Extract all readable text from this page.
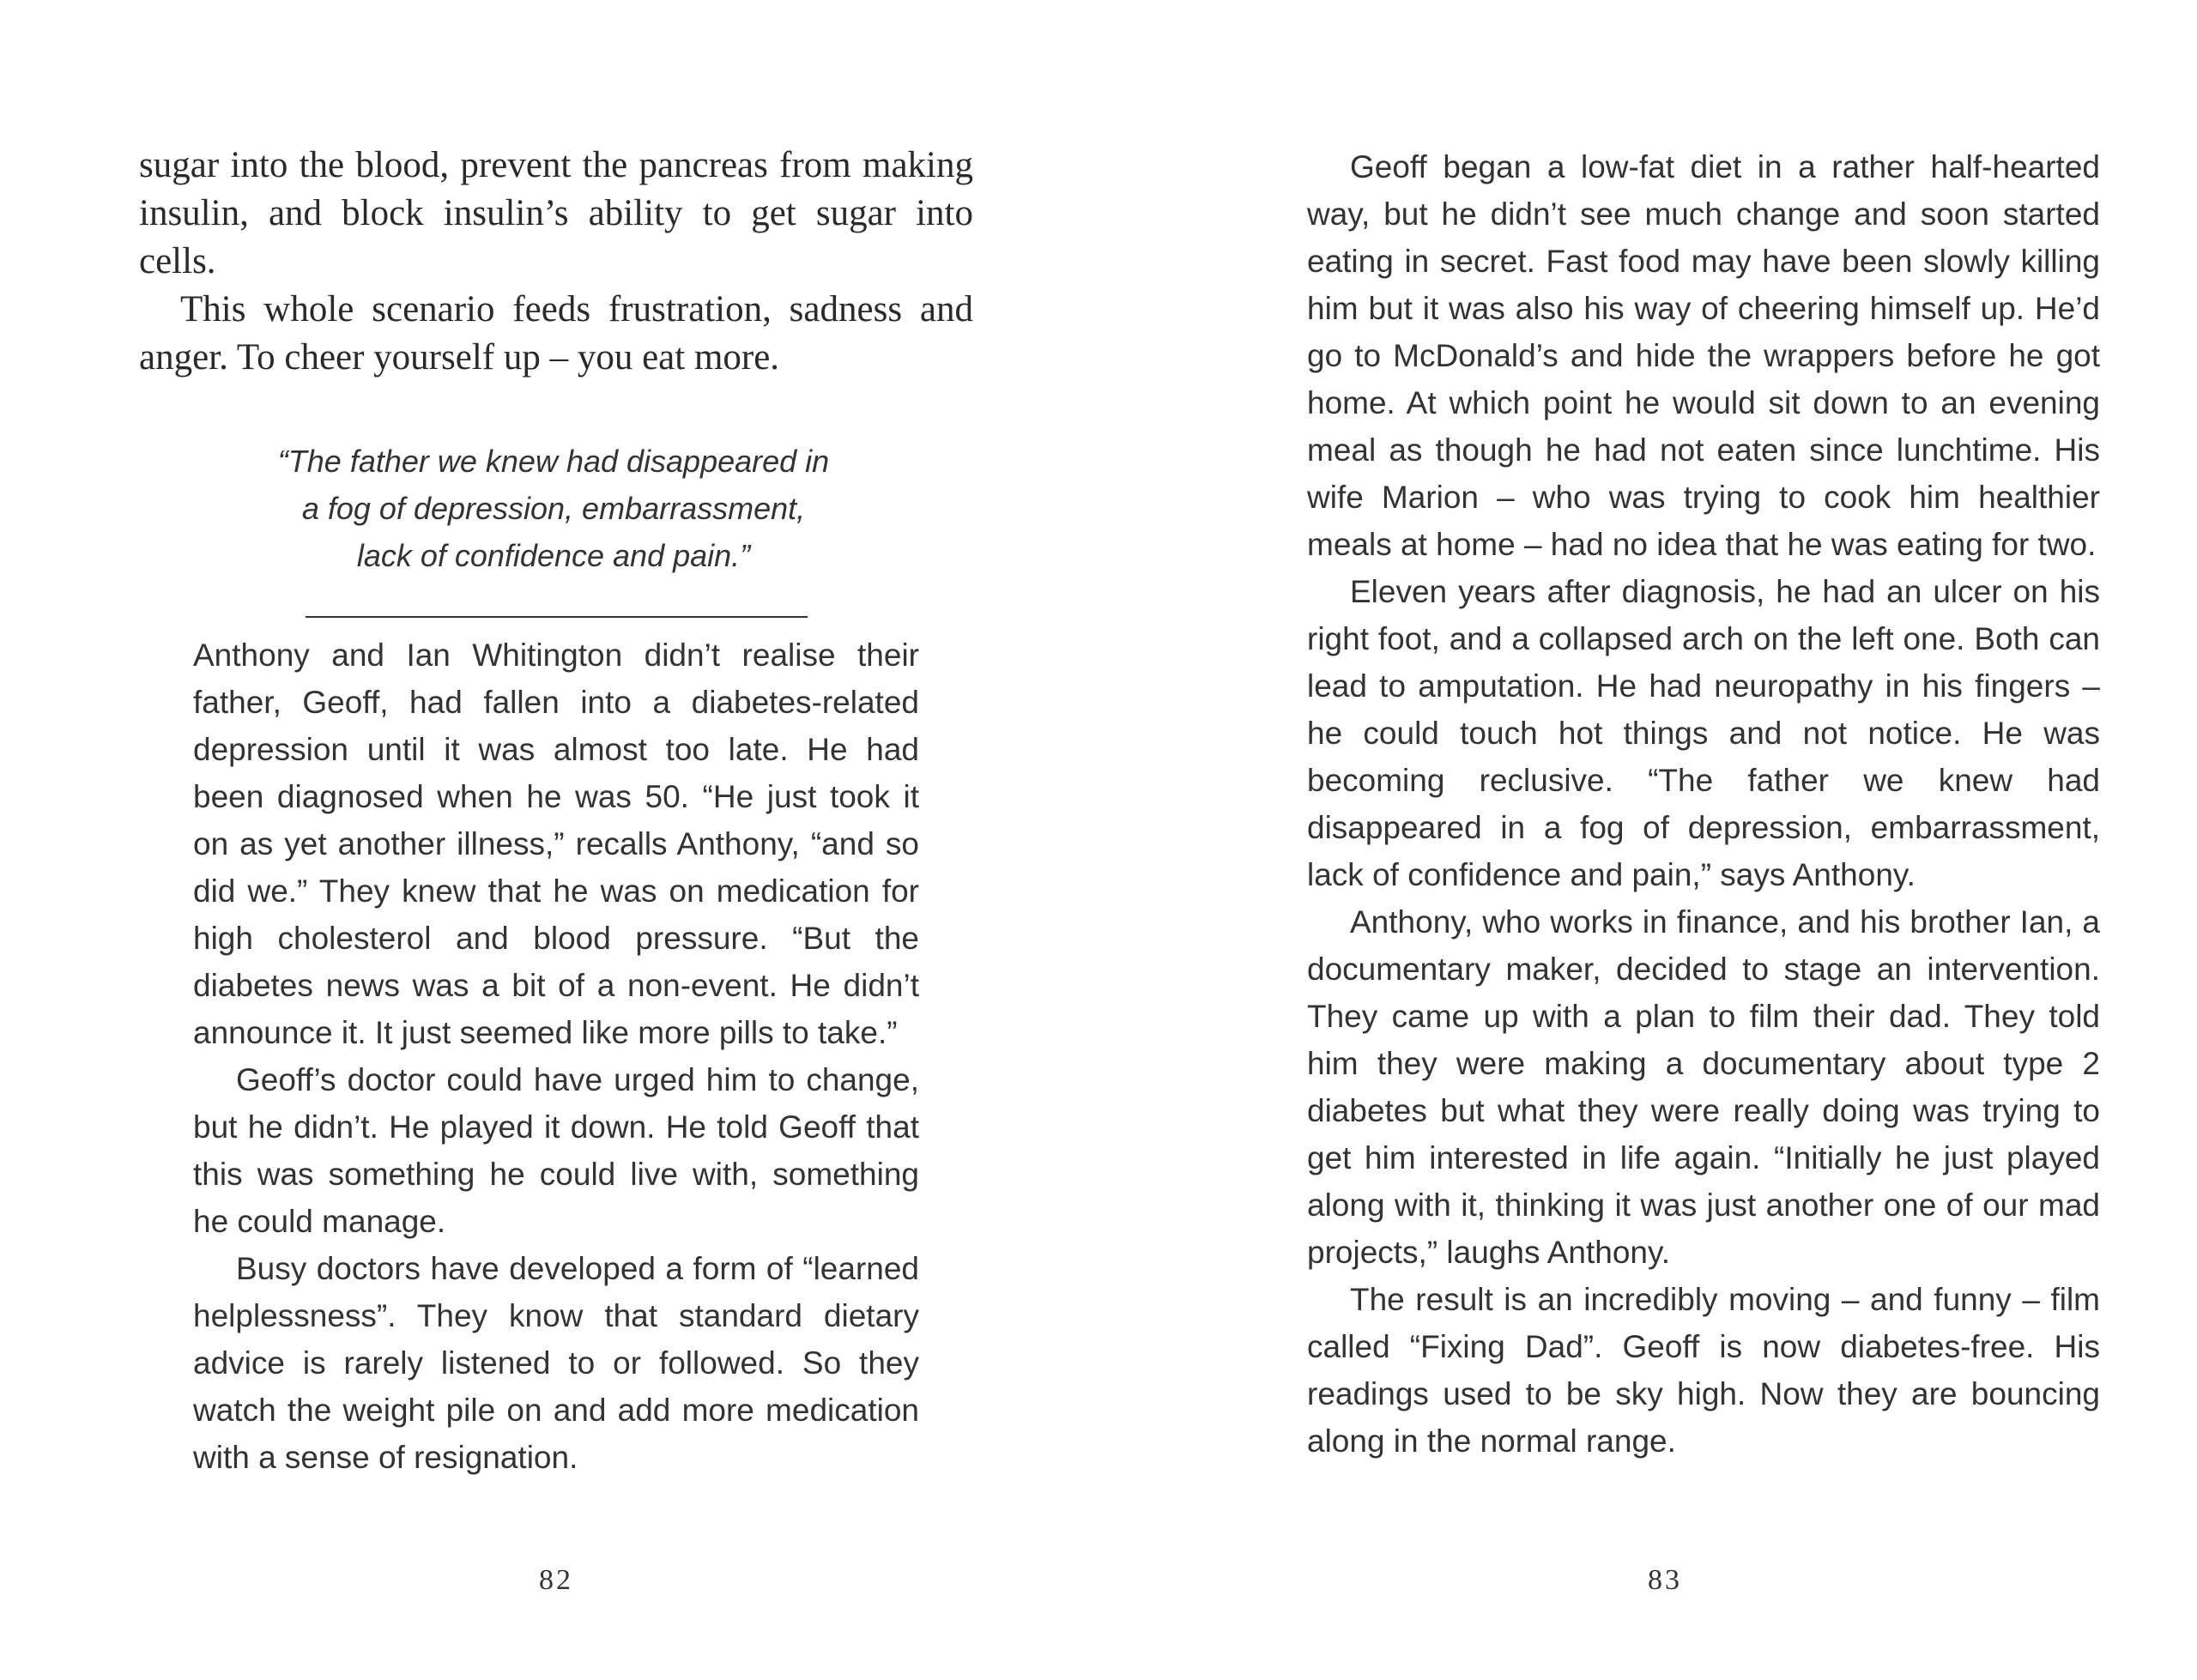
sugar into the blood, prevent the pancreas from making insulin, and block insulin’s ability to get sugar into cells.

This whole scenario feeds frustration, sadness and anger. To cheer yourself up – you eat more.

“The father we knew had disappeared in
a fog of depression, embarrassment,
lack of confidence and pain.”

Anthony and Ian Whitington didn’t realise their father, Geoff, had fallen into a diabetes-related depression until it was almost too late. He had been diagnosed when he was 50. “He just took it on as yet another illness,” recalls Anthony, “and so did we.” They knew that he was on medication for high cholesterol and blood pressure. “But the diabetes news was a bit of a non-event. He didn’t announce it. It just seemed like more pills to take.”

Geoff’s doctor could have urged him to change, but he didn’t. He played it down. He told Geoff that this was something he could live with, something he could manage.

Busy doctors have developed a form of “learned helplessness”. They know that standard dietary advice is rarely listened to or followed. So they watch the weight pile on and add more medication with a sense of resignation.

82

Geoff began a low-fat diet in a rather half-hearted way, but he didn’t see much change and soon started eating in secret. Fast food may have been slowly killing him but it was also his way of cheering himself up. He’d go to McDonald’s and hide the wrappers before he got home. At which point he would sit down to an evening meal as though he had not eaten since lunchtime. His wife Marion – who was trying to cook him healthier meals at home – had no idea that he was eating for two.

Eleven years after diagnosis, he had an ulcer on his right foot, and a collapsed arch on the left one. Both can lead to amputation. He had neuropathy in his fingers – he could touch hot things and not notice. He was becoming reclusive. “The father we knew had disappeared in a fog of depression, embarrassment, lack of confidence and pain,” says Anthony.

Anthony, who works in finance, and his brother Ian, a documentary maker, decided to stage an intervention. They came up with a plan to film their dad. They told him they were making a documentary about type 2 diabetes but what they were really doing was trying to get him interested in life again. “Initially he just played along with it, thinking it was just another one of our mad projects,” laughs Anthony.

The result is an incredibly moving – and funny – film called “Fixing Dad”. Geoff is now diabetes-free. His readings used to be sky high. Now they are bouncing along in the normal range.

83
